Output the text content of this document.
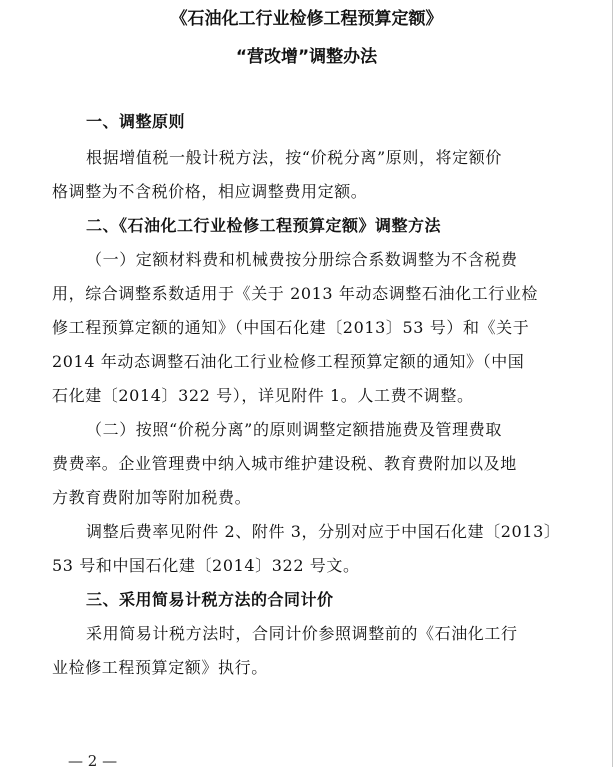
《石油化工行业检修工程预算定额》
“营改增”调整办法
一、调整原则
根据增值税一般计税方法，按“价税分离”原则，将定额价
格调整为不含税价格，相应调整费用定额。
二、《石油化工行业检修工程预算定额》调整方法
（一）定额材料费和机械费按分册综合系数调整为不含税费
用，综合调整系数适用于《关于 2013 年动态调整石油化工行业检
修工程预算定额的通知》（中国石化建〔2013〕53 号）和《关于
2014 年动态调整石油化工行业检修工程预算定额的通知》（中国
石化建〔2014〕322 号），详见附件 1。人工费不调整。
（二）按照“价税分离”的原则调整定额措施费及管理费取
费费率。企业管理费中纳入城市维护建设税、教育费附加以及地
方教育费附加等附加税费。
调整后费率见附件 2、附件 3，分别对应于中国石化建〔2013〕
53 号和中国石化建〔2014〕322 号文。
三、采用简易计税方法的合同计价
采用简易计税方法时，合同计价参照调整前的《石油化工行
业检修工程预算定额》执行。
— 2 —
